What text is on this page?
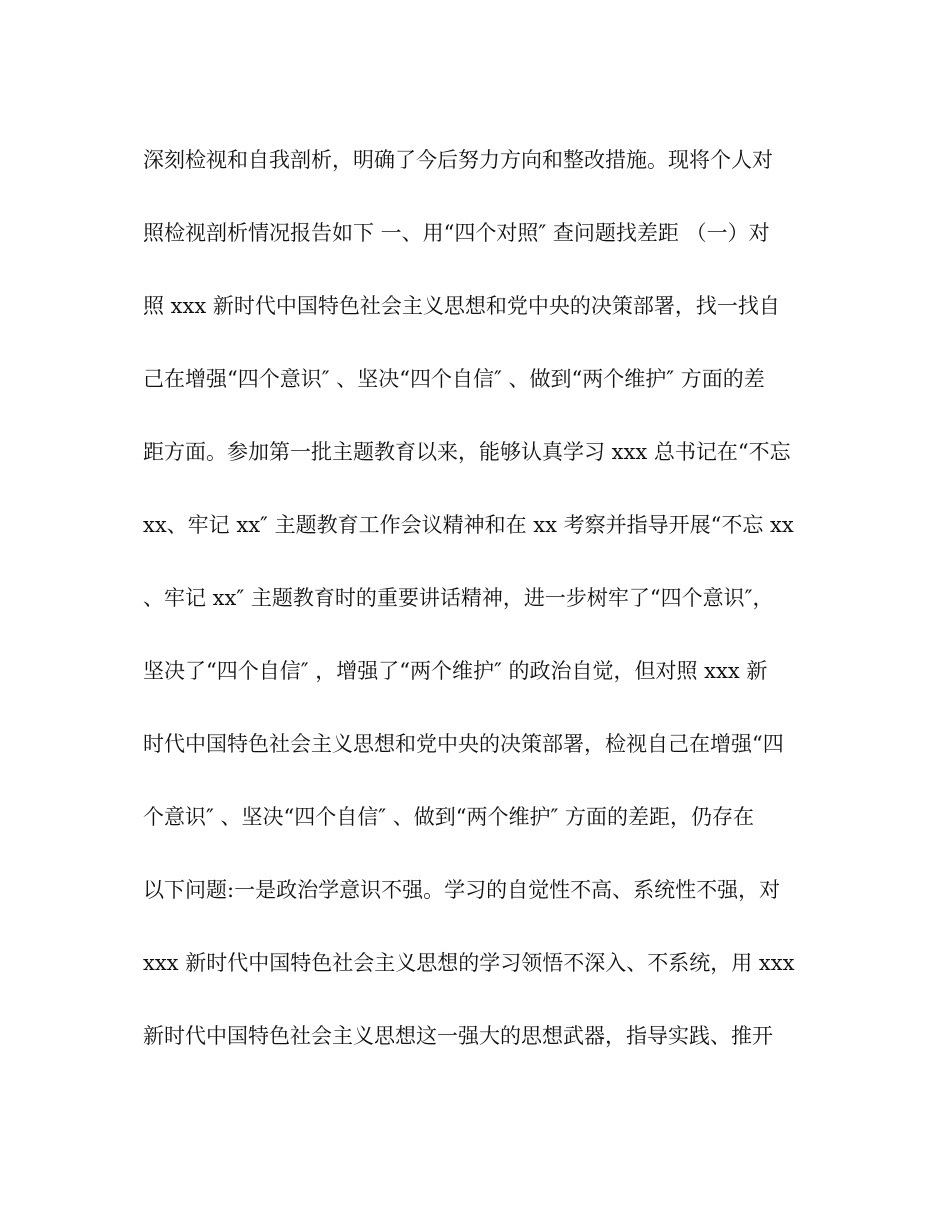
深刻检视和自我剖析，明确了今后努力方向和整改措施。现将个人对
照检视剖析情况报告如下 一、用“四个对照″ 查问题找差距 （一）对
照 xxx 新时代中国特色社会主义思想和党中央的决策部署，找一找自
己在增强“四个意识″ 、坚决“四个自信″ 、做到“两个维护″ 方面的差
距方面。参加第一批主题教育以来，能够认真学习 xxx 总书记在“不忘
xx、牢记 xx″ 主题教育工作会议精神和在 xx 考察并指导开展“不忘 xx
、牢记 xx″ 主题教育时的重要讲话精神，进一步树牢了“四个意识″，
坚决了“四个自信″ ，增强了“两个维护″ 的政治自觉，但对照 xxx 新
时代中国特色社会主义思想和党中央的决策部署，检视自己在增强“四
个意识″ 、坚决“四个自信″ 、做到“两个维护″ 方面的差距，仍存在
以下问题:一是政治学意识不强。学习的自觉性不高、系统性不强，对
xxx 新时代中国特色社会主义思想的学习领悟不深入、不系统，用 xxx
新时代中国特色社会主义思想这一强大的思想武器，指导实践、推开
